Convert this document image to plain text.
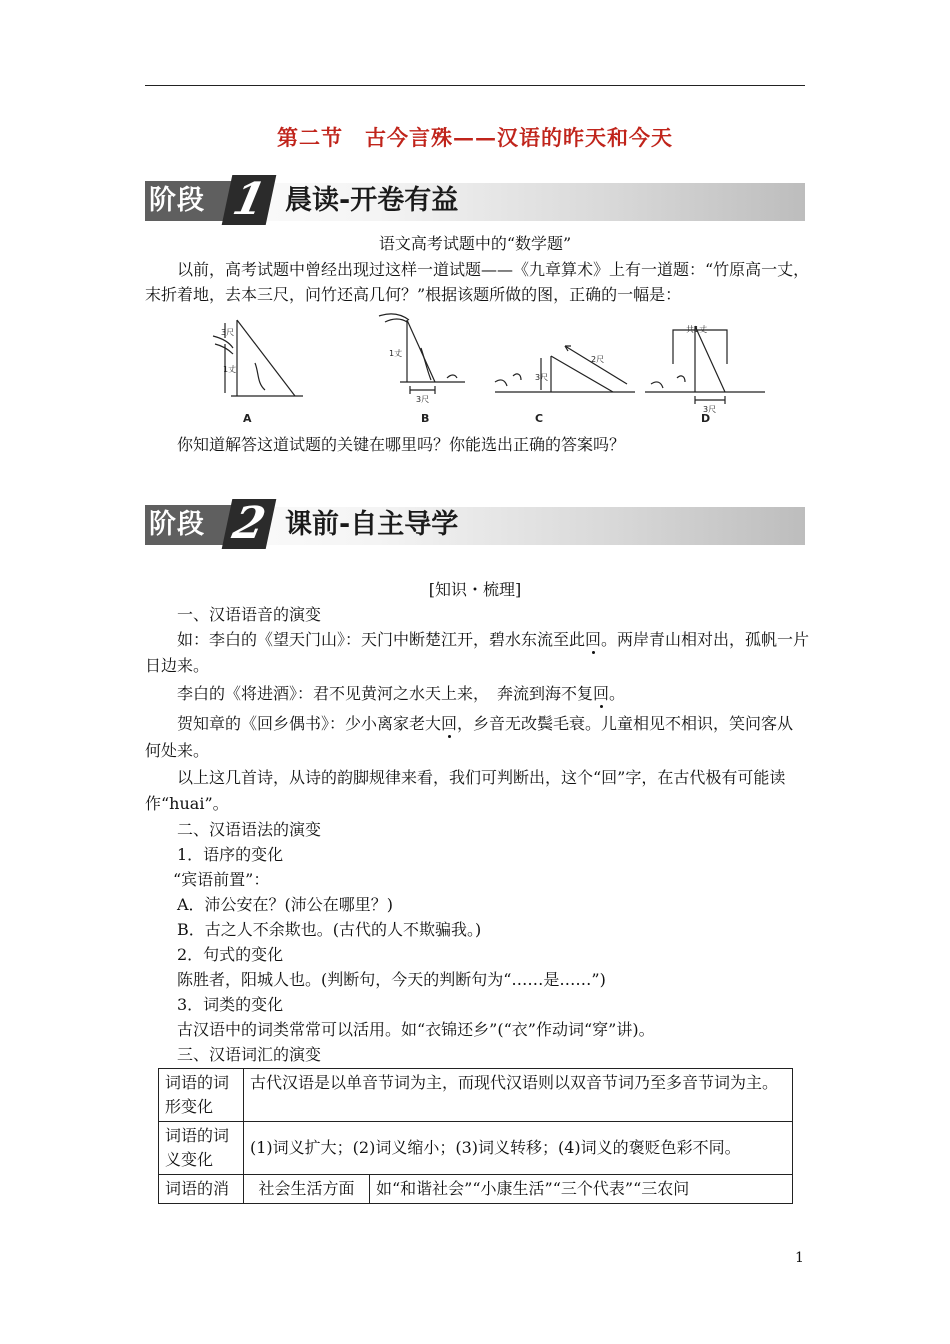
第二节　古今言殊——汉语的昨天和今天
阶段 1 晨读-开卷有益
语文高考试题中的“数学题”
以前，高考试题中曾经出现过这样一道试题——《九章算术》上有一道题：“竹原高一丈，
末折着地，去本三尺，问竹还高几何？”根据该题所做的图，正确的一幅是：
3尺
1丈
A
1丈
3尺
B
3尺
2尺
C
共1丈
3尺
D
你知道解答这道试题的关键在哪里吗？你能选出正确的答案吗？
阶段 2 课前-自主导学
[知识・梳理]
一、汉语语音的演变
如：李白的《望天门山》：天门中断楚江开，碧水东流至此回。两岸青山相对出，孤帆一片
日边来。
李白的《将进酒》：君不见黄河之水天上来，　奔流到海不复回。
贺知章的《回乡偶书》：少小离家老大回，乡音无改鬓毛衰。儿童相见不相识，笑问客从
何处来。
以上这几首诗，从诗的韵脚规律来看，我们可判断出，这个“回”字，在古代极有可能读
作“huai”。
二、汉语语法的演变
1．语序的变化
“宾语前置”：
A．沛公安在？(沛公在哪里？)
B．古之人不余欺也。(古代的人不欺骗我。)
2．句式的变化
陈胜者，阳城人也。(判断句，今天的判断句为“……是……”)
3．词类的变化
古汉语中的词类常常可以活用。如“衣锦还乡”(“衣”作动词“穿”讲)。
三、汉语词汇的演变
词语的词形变化	古代汉语是以单音节词为主，而现代汉语则以双音节词乃至多音节词为主。	
词语的词义变化	(1)词义扩大；(2)词义缩小；(3)词义转移；(4)词义的褒贬色彩不同。	
词语的消	社会生活方面	如“和谐社会”“小康生活”“三个代表”“三农问
1
